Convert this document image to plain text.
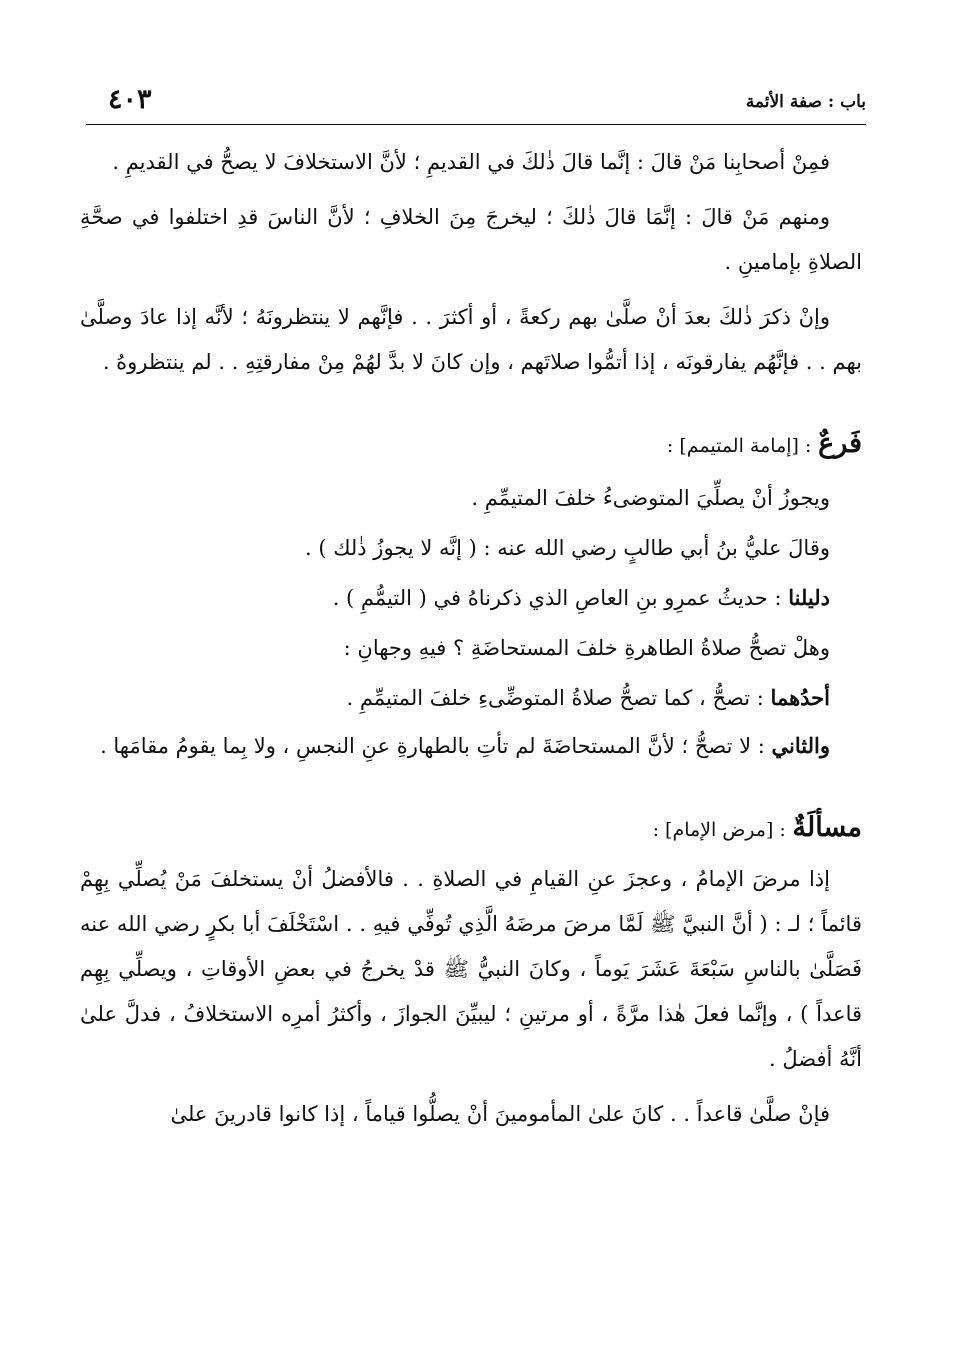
باب : صفة الأئمة
٤٠٣

فمِنْ أصحابِنا مَنْ قالَ : إنَّما قالَ ذٰلكَ في القديمِ ؛ لأنَّ الاستخلافَ لا يصحُّ في القديمِ .

ومنهم مَنْ قالَ : إنَّمَا قالَ ذٰلكَ ؛ ليخرجَ مِنَ الخلافِ ؛ لأنَّ الناسَ قدِ اختلفوا في صحَّةِ الصلاةِ بإمامينِ .

وإنْ ذكرَ ذٰلكَ بعدَ أنْ صلَّىٰ بهم ركعةً ، أو أكثرَ . . فإنَّهم لا ينتظرونَهُ ؛ لأنَّه إذا عادَ وصلَّىٰ بهم . . فإنَّهُم يفارقونَه ، إذا أتمُّوا صلاتَهم ، وإن كانَ لا بدَّ لهُمْ مِنْ مفارقتِهِ . . لم ينتظروهُ .

فَرعٌ : [إمامة المتيمم] :

ويجوزُ أنْ يصلِّيَ المتوضىءُ خلفَ المتيمِّمِ .

وقالَ عليُّ بنُ أبي طالبٍ رضي الله عنه : ( إنَّه لا يجوزُ ذٰلك ) .

دليلنا : حديثُ عمرِو بنِ العاصِ الذي ذكرناهُ في ( التيمُّمِ ) .

وهلْ تصحُّ صلاةُ الطاهرةِ خلفَ المستحاضَةِ ؟ فيهِ وجهانِ :

أحدُهما : تصحُّ ، كما تصحُّ صلاةُ المتوضِّىءِ خلفَ المتيمِّمِ .

والثاني : لا تصحُّ ؛ لأنَّ المستحاضَةَ لم تأتِ بالطهارةِ عنِ النجسِ ، ولا بِما يقومُ مقامَها .

مسألَةٌ : [مرض الإمام] :

إذا مرضَ الإمامُ ، وعجزَ عنِ القيامِ في الصلاةِ . . فالأفضلُ أنْ يستخلفَ مَنْ يُصلِّي بِهِمْ قائماً ؛ لـ : ( أنَّ النبيَّ ﷺ لَمَّا مرضَ مرضَهُ الَّذِي تُوفِّي فيهِ . . اسْتَخْلَفَ أبا بكرٍ رضي الله عنه فَصَلَّىٰ بالناسِ سَبْعَةَ عَشَرَ يَوماً ، وكانَ النبيُّ ﷺ قدْ يخرجُ في بعضِ الأوقاتِ ، ويصلِّي بِهِم قاعداً ) ، وإنَّما فعلَ هٰذا مرَّةً ، أو مرتينِ ؛ ليبيِّنَ الجوازَ ، وأكثرُ أمرِه الاستخلافُ ، فدلَّ علىٰ أنَّهُ أفضلُ .

فإنْ صلَّىٰ قاعداً . . كانَ علىٰ المأمومينَ أنْ يصلُّوا قياماً ، إذا كانوا قادرينَ علىٰ
